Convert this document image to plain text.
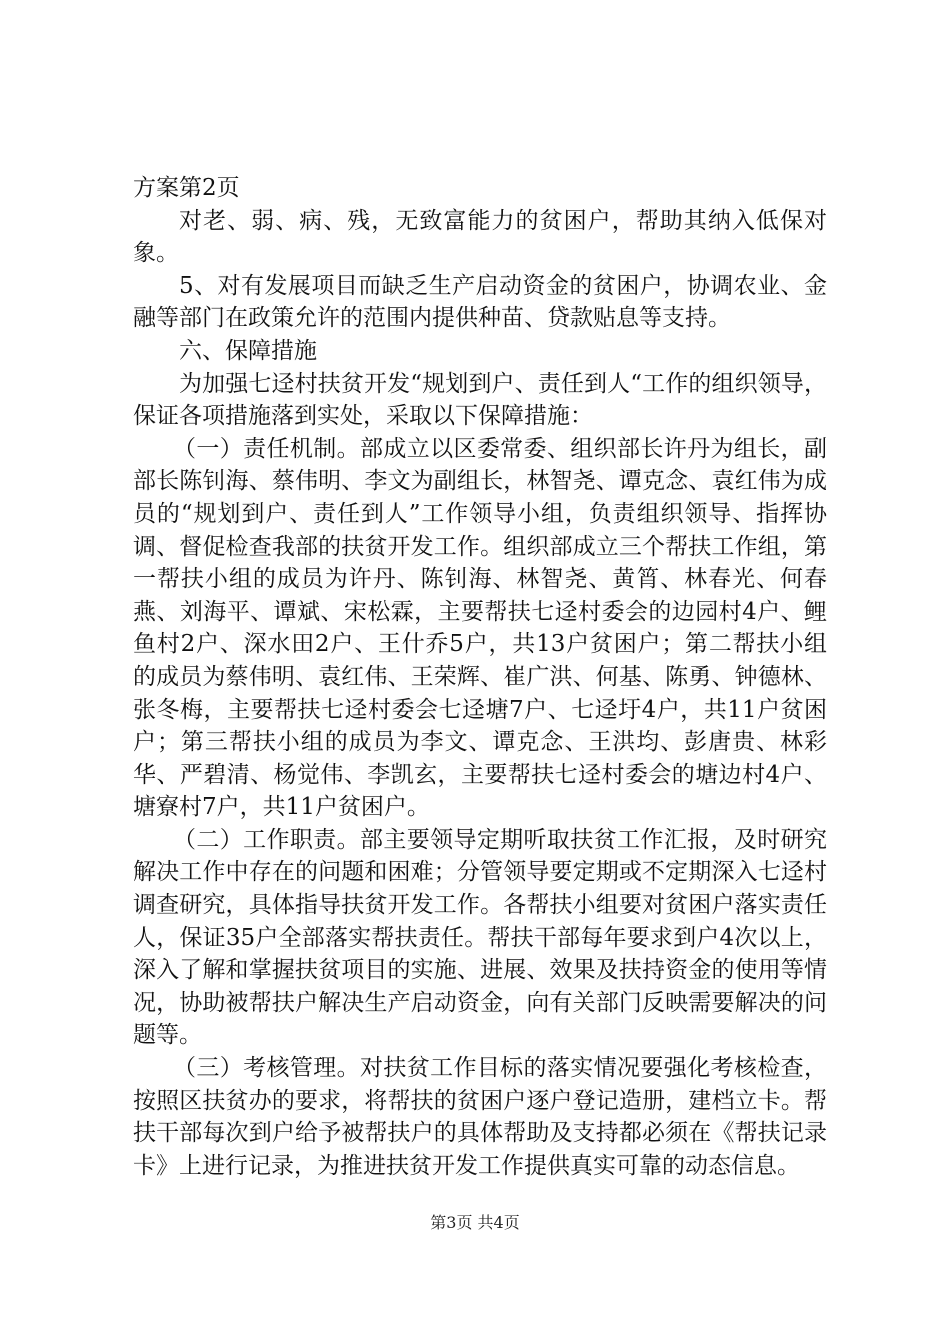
方案第2页

对老、弱、病、残，无致富能力的贫困户，帮助其纳入低保对象。

5、对有发展项目而缺乏生产启动资金的贫困户，协调农业、金融等部门在政策允许的范围内提供种苗、贷款贴息等支持。

六、保障措施

为加强七迳村扶贫开发“规划到户、责任到人“工作的组织领导，保证各项措施落到实处，采取以下保障措施：

（一）责任机制。部成立以区委常委、组织部长许丹为组长，副部长陈钊海、蔡伟明、李文为副组长，林智尧、谭克念、袁红伟为成员的“规划到户、责任到人”工作领导小组，负责组织领导、指挥协调、督促检查我部的扶贫开发工作。组织部成立三个帮扶工作组，第一帮扶小组的成员为许丹、陈钊海、林智尧、黄筲、林春光、何春燕、刘海平、谭斌、宋松霖，主要帮扶七迳村委会的边园村4户、鲤鱼村2户、深水田2户、王什乔5户，共13户贫困户；第二帮扶小组的成员为蔡伟明、袁红伟、王荣辉、崔广洪、何基、陈勇、钟德林、张冬梅，主要帮扶七迳村委会七迳塘7户、七迳圩4户，共11户贫困户；第三帮扶小组的成员为李文、谭克念、王洪均、彭唐贵、林彩华、严碧清、杨觉伟、李凯玄，主要帮扶七迳村委会的塘边村4户、塘寮村7户，共11户贫困户。

（二）工作职责。部主要领导定期听取扶贫工作汇报，及时研究解决工作中存在的问题和困难；分管领导要定期或不定期深入七迳村调查研究，具体指导扶贫开发工作。各帮扶小组要对贫困户落实责任人，保证35户全部落实帮扶责任。帮扶干部每年要求到户4次以上，深入了解和掌握扶贫项目的实施、进展、效果及扶持资金的使用等情况，协助被帮扶户解决生产启动资金，向有关部门反映需要解决的问题等。

（三）考核管理。对扶贫工作目标的落实情况要强化考核检查，按照区扶贫办的要求，将帮扶的贫困户逐户登记造册，建档立卡。帮扶干部每次到户给予被帮扶户的具体帮助及支持都必须在《帮扶记录卡》上进行记录，为推进扶贫开发工作提供真实可靠的动态信息。

第3页 共4页
